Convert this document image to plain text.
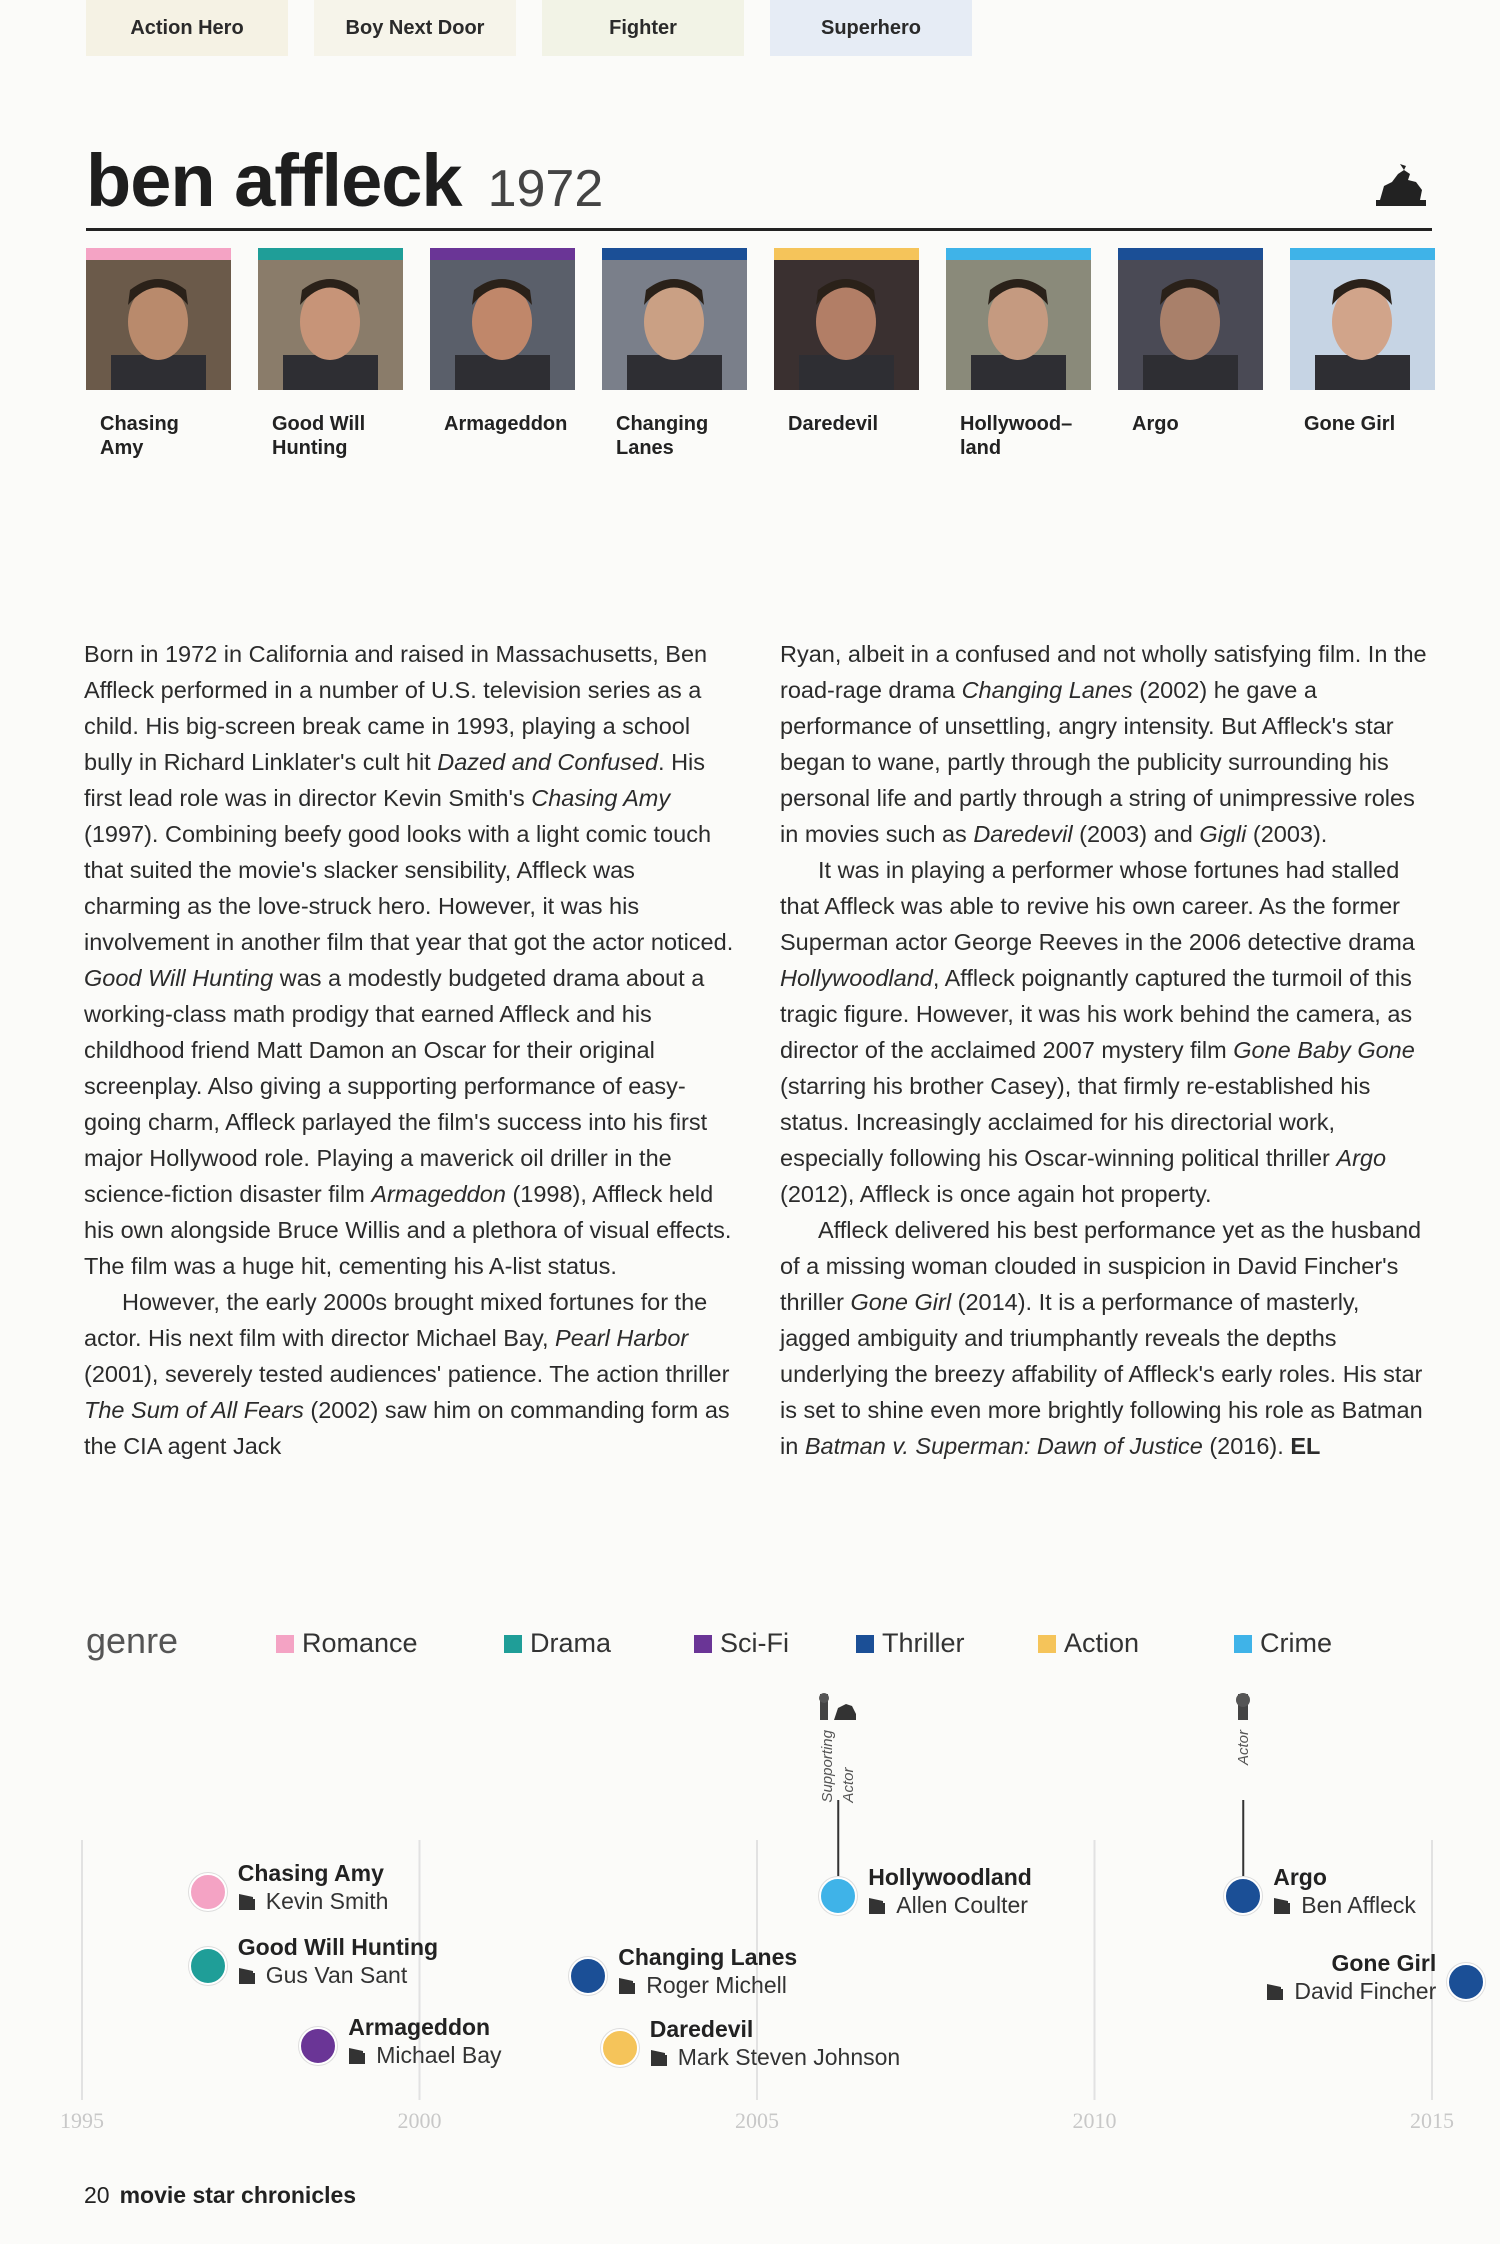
Action Hero	Boy Next Door	Fighter	Superhero
ben affleck 1972
Chasing
Amy
Good Will
Hunting
Armageddon	Changing
Lanes
Daredevil	Hollywood–
land
Argo	Gone Girl

Born in 1972 in California and raised in Massachusetts, Ben Affleck performed in a number of U.S. television series as a child. His big-screen break came in 1993, playing a school bully in Richard Linklater's cult hit Dazed and Confused. His first lead role was in director Kevin Smith's Chasing Amy (1997). Combining beefy good looks with a light comic touch that suited the movie's slacker sensibility, Affleck was charming as the love-struck hero. However, it was his involvement in another film that year that got the actor noticed. Good Will Hunting was a modestly budgeted drama about a working-class math prodigy that earned Affleck and his childhood friend Matt Damon an Oscar for their original screenplay. Also giving a supporting performance of easy-going charm, Affleck parlayed the film's success into his first major Hollywood role. Playing a maverick oil driller in the science-fiction disaster film Armageddon (1998), Affleck held his own alongside Bruce Willis and a plethora of visual effects. The film was a huge hit, cementing his A-list status.

However, the early 2000s brought mixed fortunes for the actor. His next film with director Michael Bay, Pearl Harbor (2001), severely tested audiences' patience. The action thriller The Sum of All Fears (2002) saw him on commanding form as the CIA agent Jack

Ryan, albeit in a confused and not wholly satisfying film. In the road-rage drama Changing Lanes (2002) he gave a performance of unsettling, angry intensity. But Affleck's star began to wane, partly through the publicity surrounding his personal life and partly through a string of unimpressive roles in movies such as Daredevil (2003) and Gigli (2003).

It was in playing a performer whose fortunes had stalled that Affleck was able to revive his own career. As the former Superman actor George Reeves in the 2006 detective drama Hollywoodland, Affleck poignantly captured the turmoil of this tragic figure. However, it was his work behind the camera, as director of the acclaimed 2007 mystery film Gone Baby Gone (starring his brother Casey), that firmly re-established his status. Increasingly acclaimed for his directorial work, especially following his Oscar-winning political thriller Argo (2012), Affleck is once again hot property.

Affleck delivered his best performance yet as the husband of a missing woman clouded in suspicion in David Fincher's thriller Gone Girl (2014). It is a performance of masterly, jagged ambiguity and triumphantly reveals the depths underlying the breezy affability of Affleck's early roles. His star is set to shine even more brightly following his role as Batman in Batman v. Superman: Dawn of Justice (2016). EL

genre	Romance	Drama	Sci-Fi	Thriller	Action	Crime
1995	2000	2005	2010	2015
Chasing Amy
Kevin Smith
Good Will Hunting
Gus Van Sant
Armageddon
Michael Bay
Changing Lanes
Roger Michell
Daredevil
Mark Steven Johnson
Hollywoodland
Allen Coulter
Argo
Ben Affleck
Gone Girl
David Fincher
Supporting Actor
Actor
20 movie star chronicles
